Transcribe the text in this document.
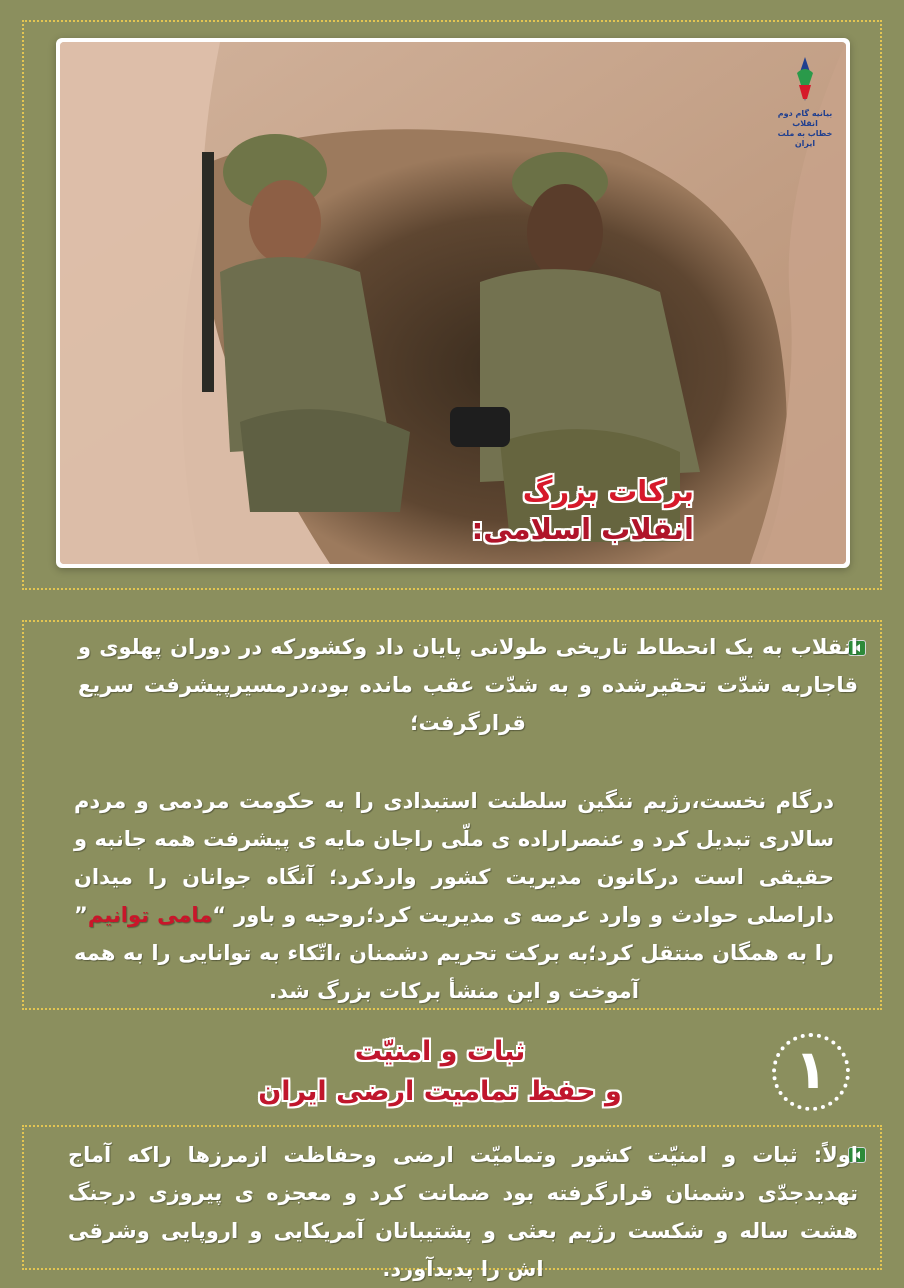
بیانیه گام دوم انقلاب
خطاب به ملت ایران
برکات بزرگ
انقلاب اسلامی:

انقلاب به یک انحطاط تاریخی طولانی پایان داد وکشورکه در دوران پهلوی و قاجاربه شدّت تحقیرشده و به شدّت عقب مانده بود،درمسیرپیشرفت سریع قرارگرفت؛

درگام نخست،رژیم ننگین سلطنت استبدادی را به حکومت مردمی و مردم سالاری تبدیل کرد و عنصراراده ی ملّی راجان مایه ی پیشرفت همه جانبه و حقیقی است درکانون مدیریت کشور واردکرد؛ آنگاه جوانان را میدان داراصلی حوادث و وارد عرصه ی مدیریت کرد؛روحیه و باور “مامی توانیم” را به همگان منتقل کرد؛به برکت تحریم دشمنان ،اتّکاء به توانایی را به همه آموخت و این منشأ برکات بزرگ شد.

ثبات و امنیّت
و حفظ تمامیت ارضی ایران	۱

اولاً: ثبات و امنیّت کشور وتمامیّت ارضی وحفاظت ازمرزها راکه آماج تهدیدجدّی دشمنان قرارگرفته بود ضمانت کرد و معجزه ی پیروزی درجنگ هشت ساله و شکست رژیم بعثی و پشتیبانان آمریکایی و اروپایی وشرقی اش را پدیدآورد.
